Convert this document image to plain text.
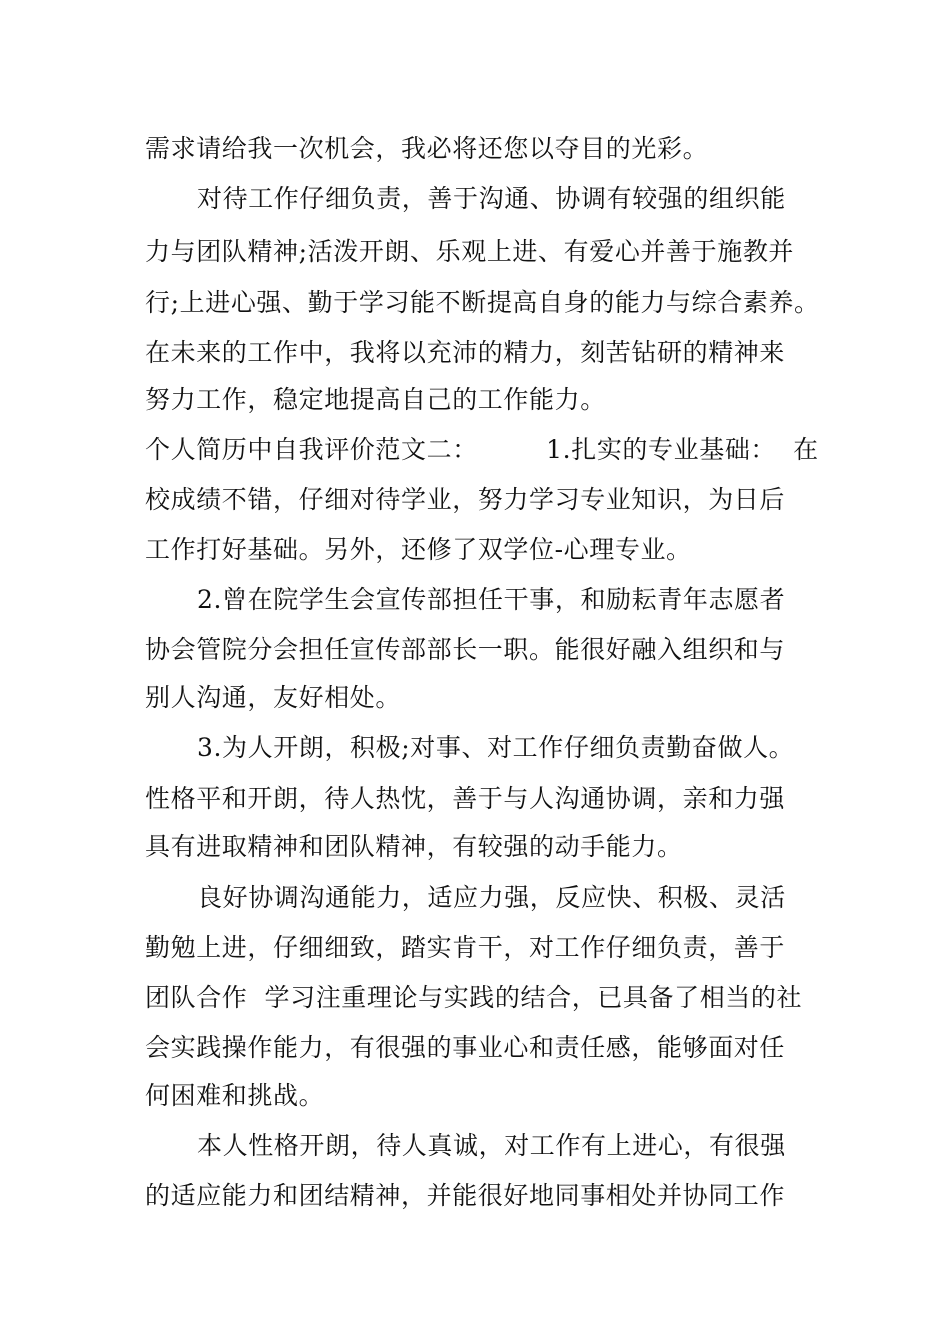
需求请给我一次机会，我必将还您以夺目的光彩。

对待工作仔细负责，善于沟通、协调有较强的组织能

力与团队精神;活泼开朗、乐观上进、有爱心并善于施教并

行;上进心强、勤于学习能不断提高自身的能力与综合素养。

在未来的工作中，我将以充沛的精力，刻苦钻研的精神来

努力工作，稳定地提高自己的工作能力。

个人简历中自我评价范文二：        1.扎实的专业基础：  在

校成绩不错，仔细对待学业，努力学习专业知识，为日后

工作打好基础。另外，还修了双学位-心理专业。

2.曾在院学生会宣传部担任干事，和励耘青年志愿者

协会管院分会担任宣传部部长一职。能很好融入组织和与

别人沟通，友好相处。

3.为人开朗，积极;对事、对工作仔细负责勤奋做人。

性格平和开朗，待人热忱，善于与人沟通协调，亲和力强

具有进取精神和团队精神，有较强的动手能力。

良好协调沟通能力，适应力强，反应快、积极、灵活

勤勉上进，仔细细致，踏实肯干，对工作仔细负责，善于

团队合作  学习注重理论与实践的结合，已具备了相当的社

会实践操作能力，有很强的事业心和责任感，能够面对任

何困难和挑战。

本人性格开朗，待人真诚，对工作有上进心，有很强

的适应能力和团结精神，并能很好地同事相处并协同工作
